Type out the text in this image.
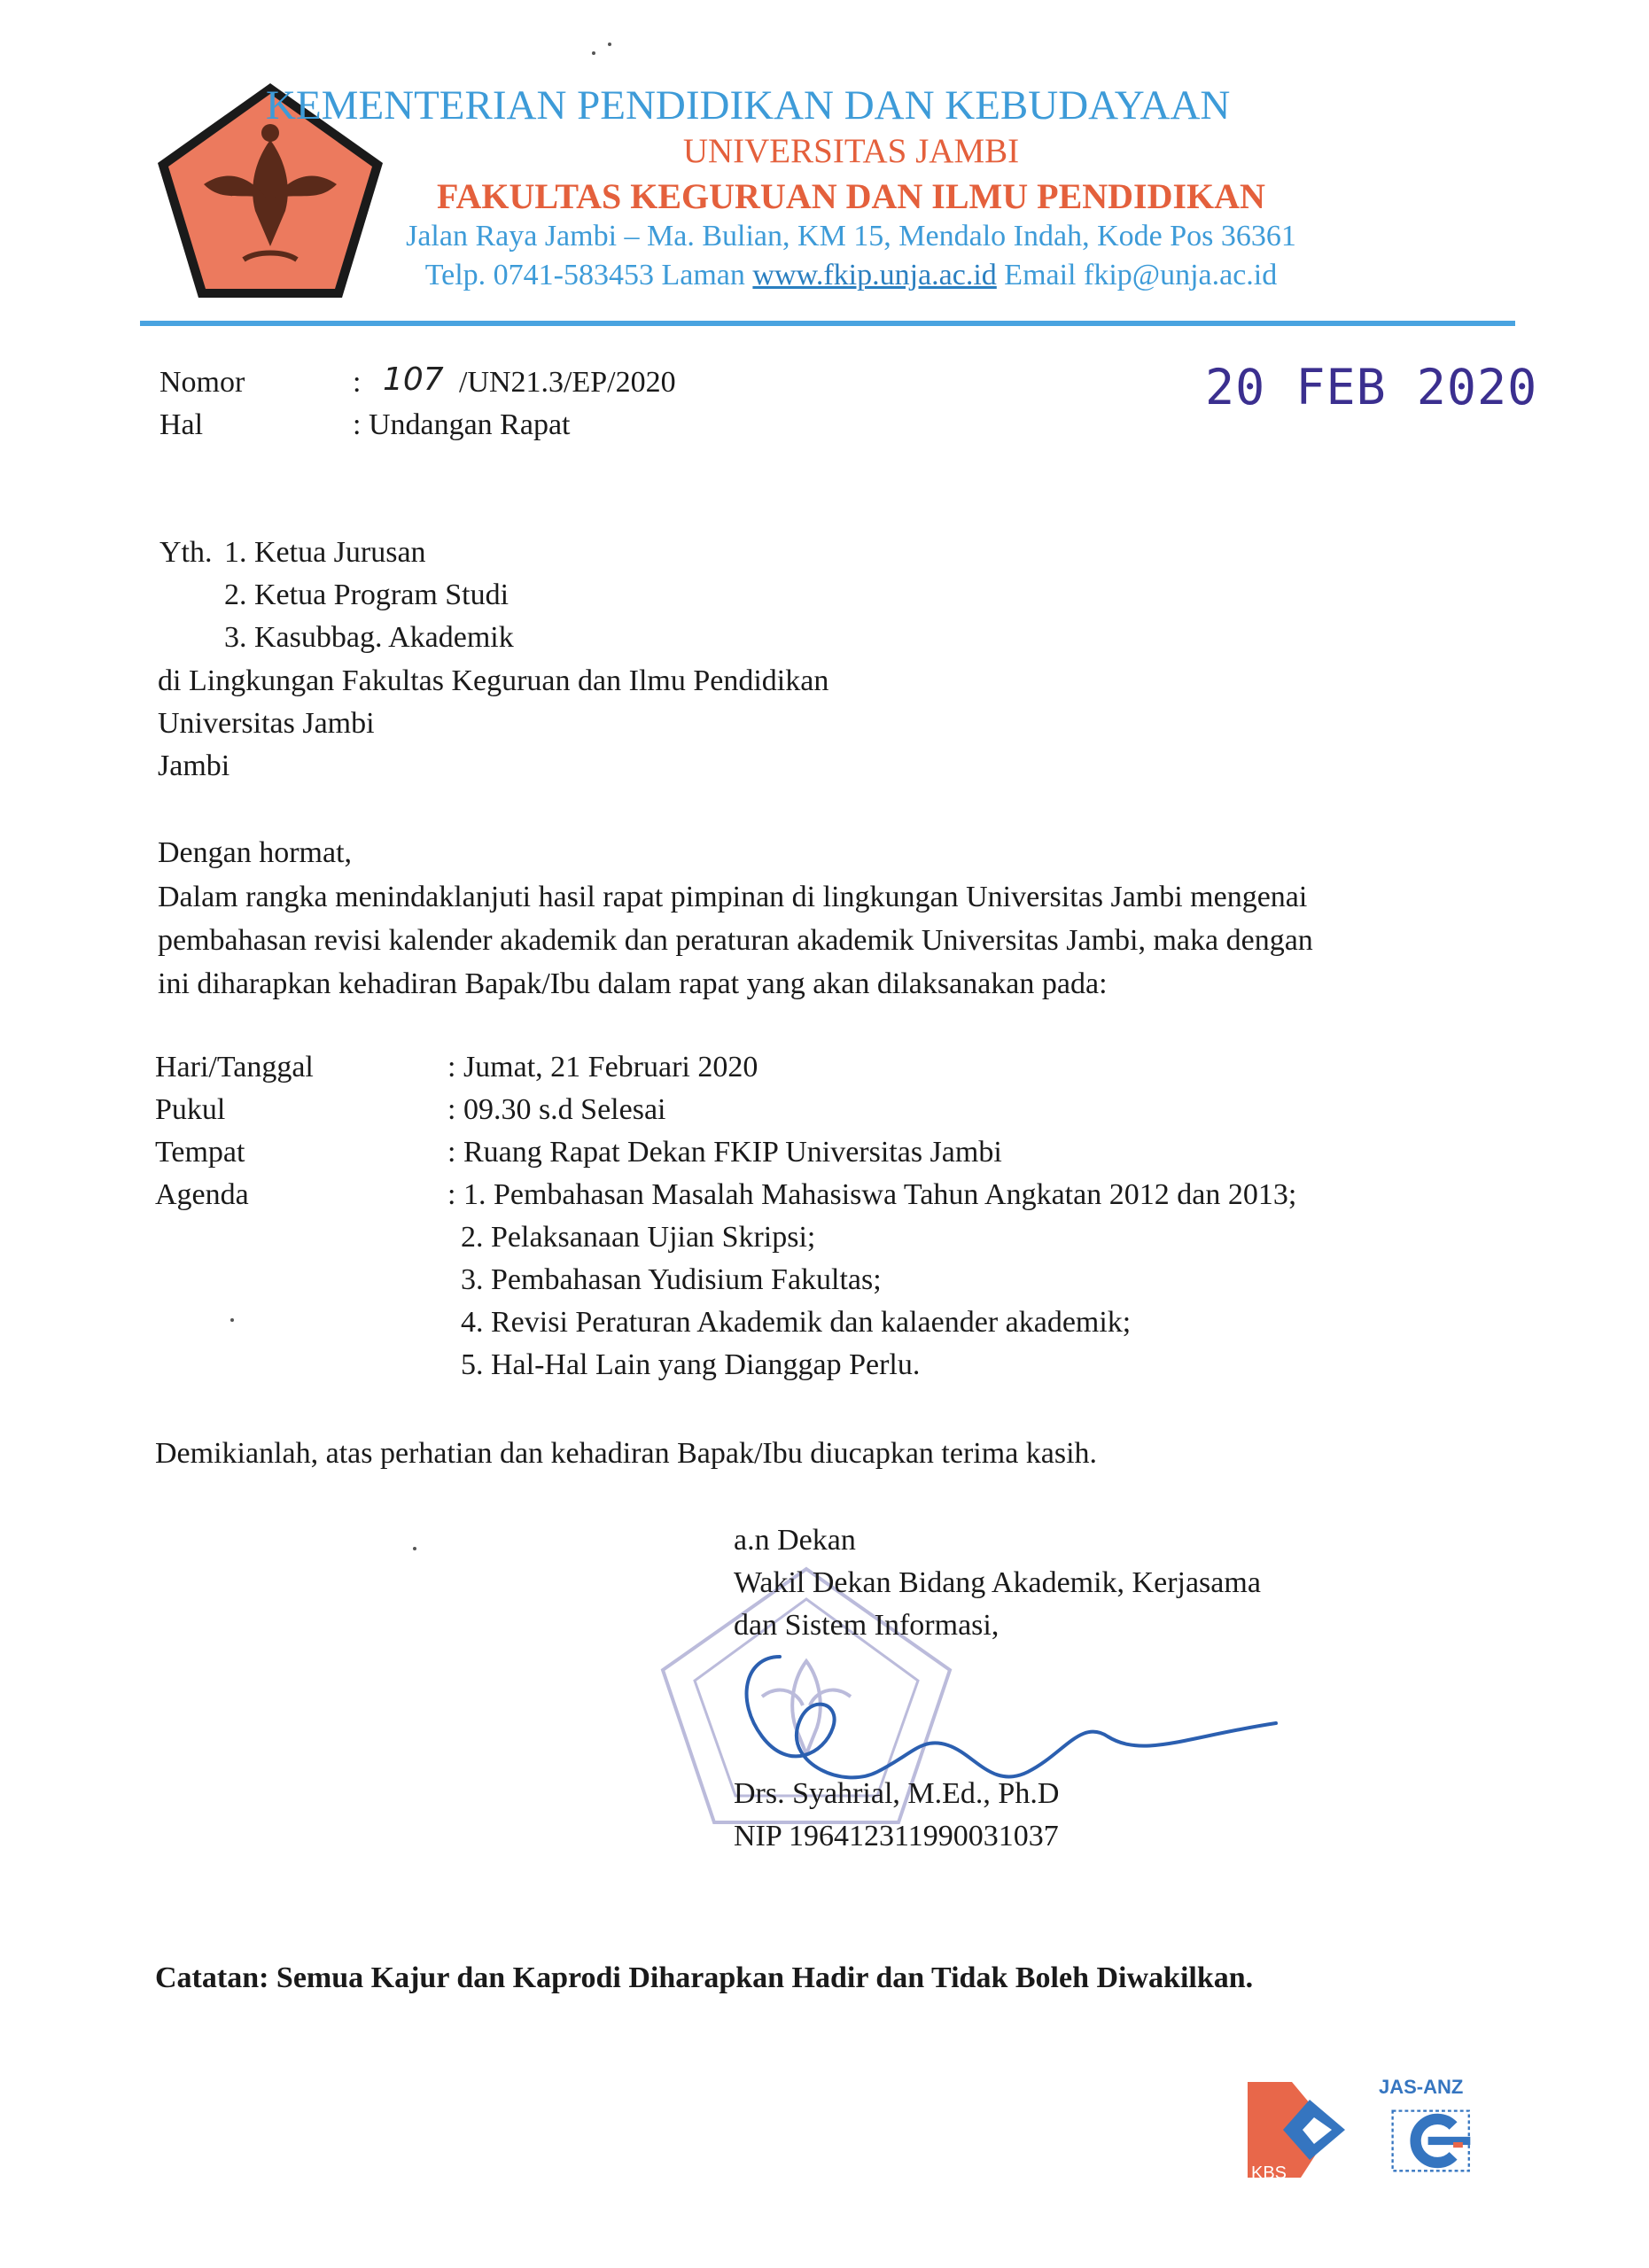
KEMENTERIAN PENDIDIKAN DAN KEBUDAYAAN
UNIVERSITAS JAMBI
FAKULTAS KEGURUAN DAN ILMU PENDIDIKAN
Jalan Raya Jambi – Ma. Bulian, KM 15, Mendalo Indah, Kode Pos 36361
Telp. 0741-583453 Laman www.fkip.unja.ac.id Email fkip@unja.ac.id
Nomor	: 107 /UN21.3/EP/2020	20 FEB 2020
Hal	: Undangan Rapat
Yth. 1. Ketua Jurusan
2. Ketua Program Studi
3. Kasubbag. Akademik
di Lingkungan Fakultas Keguruan dan Ilmu Pendidikan
Universitas Jambi
Jambi
Dengan hormat,
Dalam rangka menindaklanjuti hasil rapat pimpinan di lingkungan Universitas Jambi mengenai
pembahasan revisi kalender akademik dan peraturan akademik Universitas Jambi, maka dengan
ini diharapkan kehadiran Bapak/Ibu dalam rapat yang akan dilaksanakan pada:
Hari/Tanggal	: Jumat, 21 Februari 2020
Pukul	: 09.30 s.d Selesai
Tempat	: Ruang Rapat Dekan FKIP Universitas Jambi
Agenda	: 1. Pembahasan Masalah Mahasiswa Tahun Angkatan 2012 dan 2013;
2. Pelaksanaan Ujian Skripsi;
3. Pembahasan Yudisium Fakultas;
4. Revisi Peraturan Akademik dan kalaender akademik;
5. Hal-Hal Lain yang Dianggap Perlu.
Demikianlah, atas perhatian dan kehadiran Bapak/Ibu diucapkan terima kasih.
a.n Dekan
Wakil Dekan Bidang Akademik, Kerjasama
dan Sistem Informasi,
Drs. Syahrial, M.Ed., Ph.D
NIP 196412311990031037
Catatan: Semua Kajur dan Kaprodi Diharapkan Hadir dan Tidak Boleh Diwakilkan.
KBS
JAS-ANZ
